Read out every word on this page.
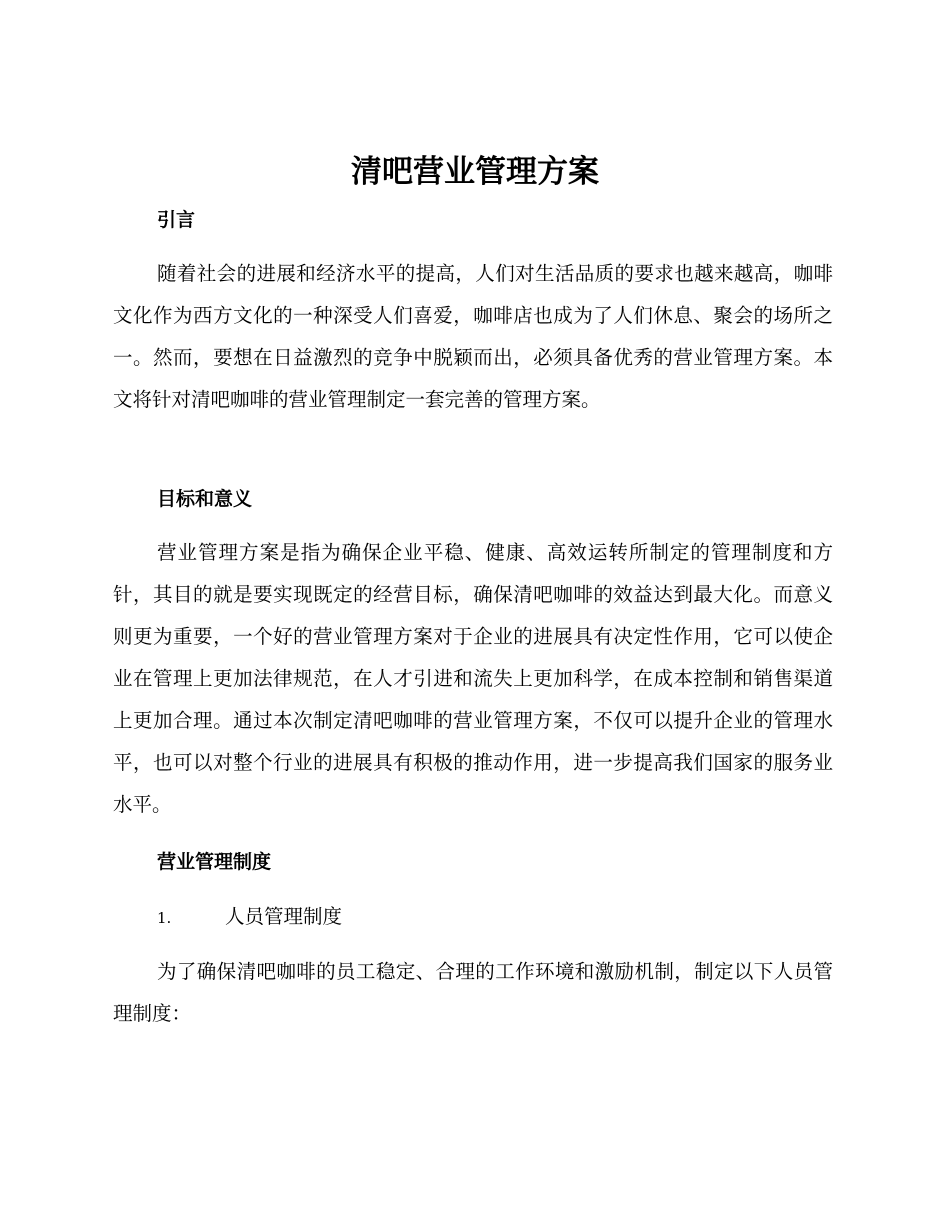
清吧营业管理方案
引言

随着社会的进展和经济水平的提高，人们对生活品质的要求也越来越高，咖啡文化作为西方文化的一种深受人们喜爱，咖啡店也成为了人们休息、聚会的场所之一。然而，要想在日益激烈的竞争中脱颖而出，必须具备优秀的营业管理方案。本文将针对清吧咖啡的营业管理制定一套完善的管理方案。

目标和意义

营业管理方案是指为确保企业平稳、健康、高效运转所制定的管理制度和方针，其目的就是要实现既定的经营目标，确保清吧咖啡的效益达到最大化。而意义则更为重要，一个好的营业管理方案对于企业的进展具有决定性作用，它可以使企业在管理上更加法律规范，在人才引进和流失上更加科学，在成本控制和销售渠道上更加合理。通过本次制定清吧咖啡的营业管理方案，不仅可以提升企业的管理水平，也可以对整个行业的进展具有积极的推动作用，进一步提高我们国家的服务业水平。

营业管理制度

1.	人员管理制度

为了确保清吧咖啡的员工稳定、合理的工作环境和激励机制，制定以下人员管理制度：
